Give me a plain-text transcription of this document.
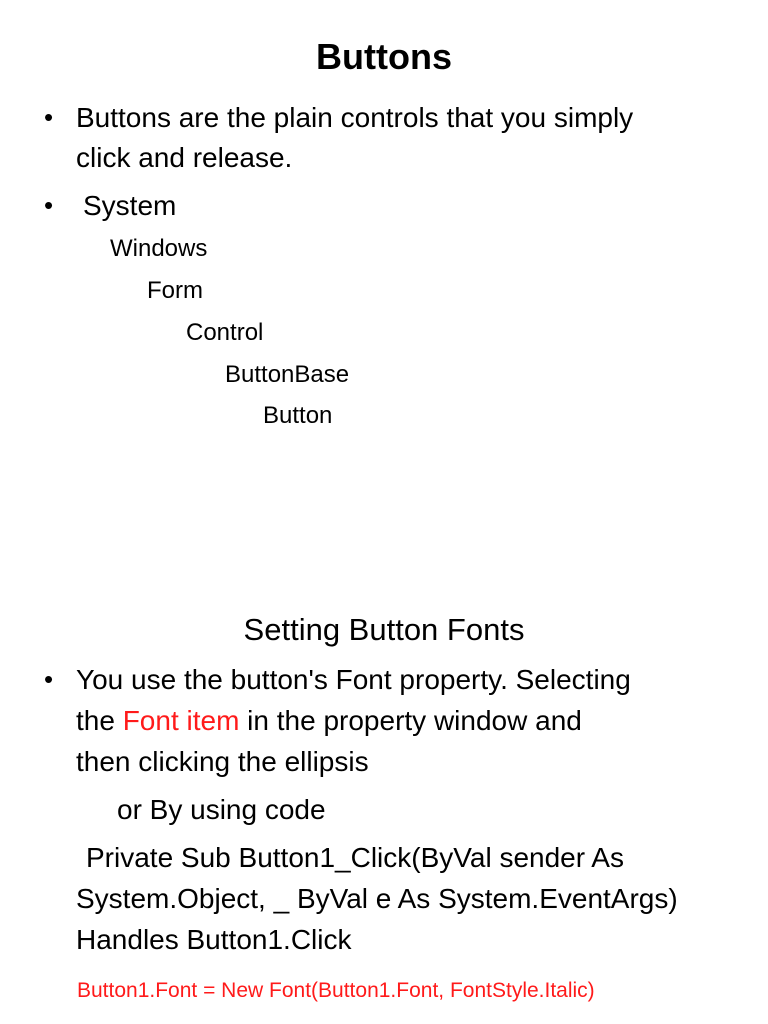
Buttons
• Buttons are the plain controls that you simply

click and release.

• System

Windows

Form

Control

ButtonBase

Button

Setting Button Fonts
• You use the button's Font property. Selecting

the Font item in the property window and

then clicking the ellipsis

or By using code

Private Sub Button1_Click(ByVal sender As

System.Object, _ ByVal e As System.EventArgs)

Handles Button1.Click

Button1.Font = New Font(Button1.Font, FontStyle.Italic)
